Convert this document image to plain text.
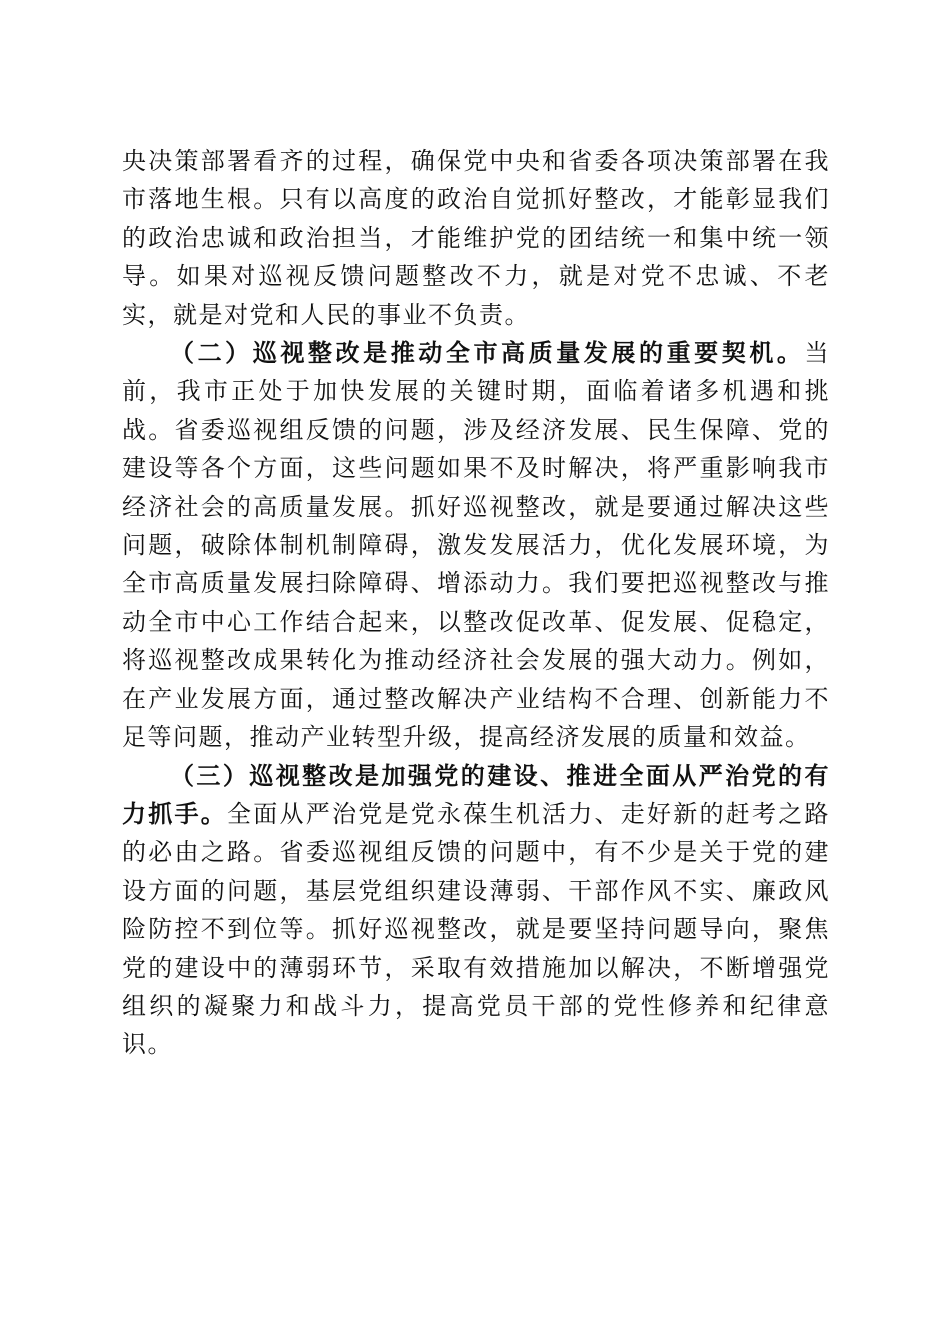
央决策部署看齐的过程，确保党中央和省委各项决策部署在我市落地生根。只有以高度的政治自觉抓好整改，才能彰显我们的政治忠诚和政治担当，才能维护党的团结统一和集中统一领导。如果对巡视反馈问题整改不力，就是对党不忠诚、不老实，就是对党和人民的事业不负责。

（二）巡视整改是推动全市高质量发展的重要契机。当前，我市正处于加快发展的关键时期，面临着诸多机遇和挑战。省委巡视组反馈的问题，涉及经济发展、民生保障、党的建设等各个方面，这些问题如果不及时解决，将严重影响我市经济社会的高质量发展。抓好巡视整改，就是要通过解决这些问题，破除体制机制障碍，激发发展活力，优化发展环境，为全市高质量发展扫除障碍、增添动力。我们要把巡视整改与推动全市中心工作结合起来，以整改促改革、促发展、促稳定，将巡视整改成果转化为推动经济社会发展的强大动力。例如，在产业发展方面，通过整改解决产业结构不合理、创新能力不足等问题，推动产业转型升级，提高经济发展的质量和效益。

（三）巡视整改是加强党的建设、推进全面从严治党的有力抓手。全面从严治党是党永葆生机活力、走好新的赶考之路的必由之路。省委巡视组反馈的问题中，有不少是关于党的建设方面的问题，基层党组织建设薄弱、干部作风不实、廉政风险防控不到位等。抓好巡视整改，就是要坚持问题导向，聚焦党的建设中的薄弱环节，采取有效措施加以解决，不断增强党组织的凝聚力和战斗力，提高党员干部的党性修养和纪律意识。
